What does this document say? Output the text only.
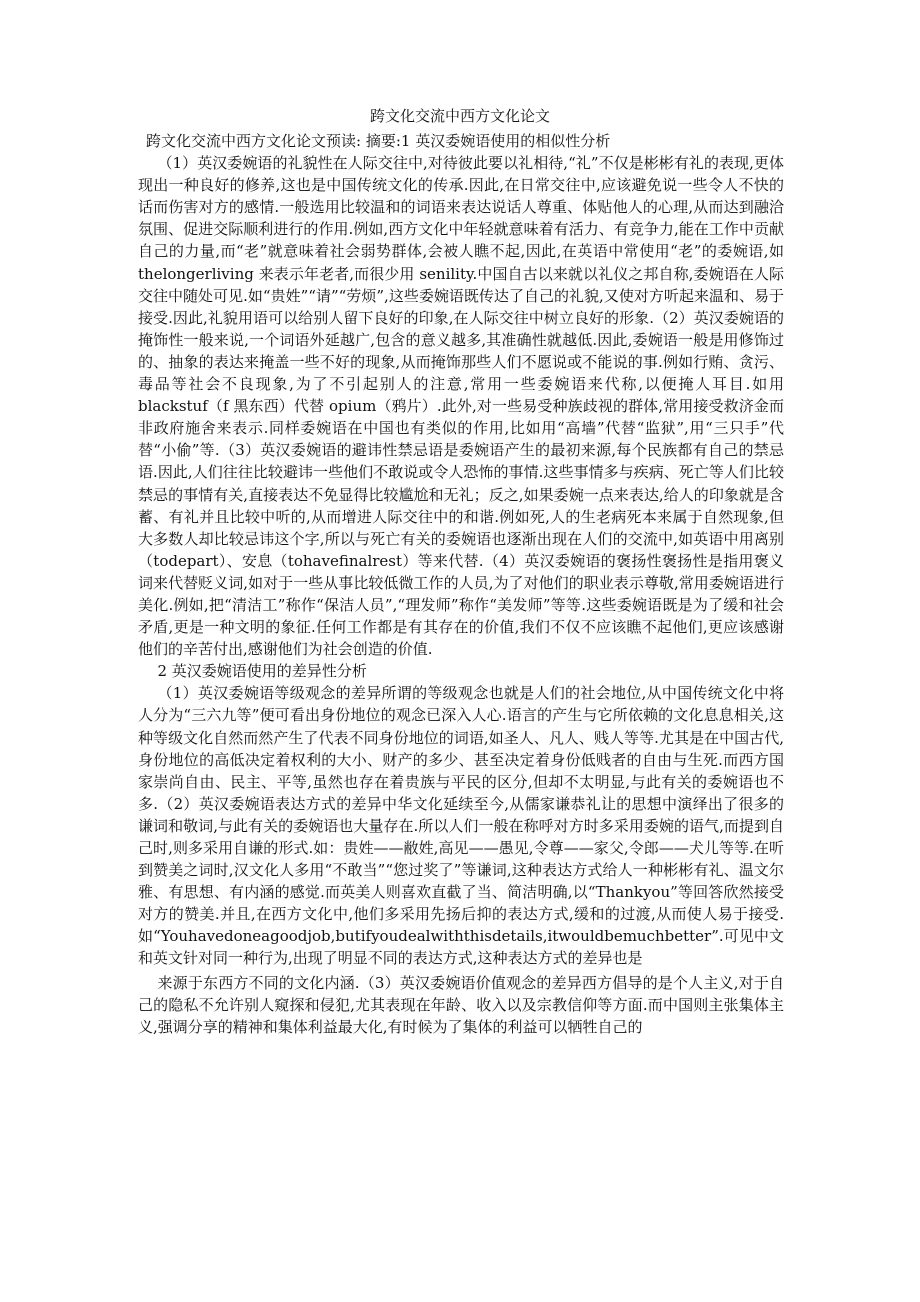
跨文化交流中西方文化论文

跨文化交流中西方文化论文预读: 摘要:1 英汉委婉语使用的相似性分析

（1）英汉委婉语的礼貌性在人际交往中,对待彼此要以礼相待,“礼”不仅是彬彬有礼的表现,更体现出一种良好的修养,这也是中国传统文化的传承.因此,在日常交往中,应该避免说一些令人不快的话而伤害对方的感情.一般选用比较温和的词语来表达说话人尊重、体贴他人的心理,从而达到融洽氛围、促进交际顺利进行的作用.例如,西方文化中年轻就意味着有活力、有竞争力,能在工作中贡献自己的力量,而“老”就意味着社会弱势群体,会被人瞧不起,因此,在英语中常使用“老”的委婉语,如 thelongerliving 来表示年老者,而很少用 senility.中国自古以来就以礼仪之邦自称,委婉语在人际交往中随处可见.如“贵姓”“请”“劳烦”,这些委婉语既传达了自己的礼貌,又使对方听起来温和、易于接受.因此,礼貌用语可以给别人留下良好的印象,在人际交往中树立良好的形象.（2）英汉委婉语的掩饰性一般来说,一个词语外延越广,包含的意义越多,其准确性就越低.因此,委婉语一般是用修饰过的、抽象的表达来掩盖一些不好的现象,从而掩饰那些人们不愿说或不能说的事.例如行贿、贪污、毒品等社会不良现象,为了不引起别人的注意,常用一些委婉语来代称,以便掩人耳目.如用 blackstuf（f 黑东西）代替 opium（鸦片）.此外,对一些易受种族歧视的群体,常用接受救济金而非政府施舍来表示.同样委婉语在中国也有类似的作用,比如用“高墙”代替“监狱”,用“三只手”代替“小偷”等.（3）英汉委婉语的避讳性禁忌语是委婉语产生的最初来源,每个民族都有自己的禁忌语.因此,人们往往比较避讳一些他们不敢说或令人恐怖的事情.这些事情多与疾病、死亡等人们比较禁忌的事情有关,直接表达不免显得比较尴尬和无礼；反之,如果委婉一点来表达,给人的印象就是含蓄、有礼并且比较中听的,从而增进人际交往中的和谐.例如死,人的生老病死本来属于自然现象,但大多数人却比较忌讳这个字,所以与死亡有关的委婉语也逐渐出现在人们的交流中,如英语中用离别（todepart）、安息（tohavefinalrest）等来代替.（4）英汉委婉语的褒扬性褒扬性是指用褒义词来代替贬义词,如对于一些从事比较低微工作的人员,为了对他们的职业表示尊敬,常用委婉语进行美化.例如,把“清洁工”称作“保洁人员”,“理发师”称作“美发师”等等.这些委婉语既是为了缓和社会矛盾,更是一种文明的象征.任何工作都是有其存在的价值,我们不仅不应该瞧不起他们,更应该感谢他们的辛苦付出,感谢他们为社会创造的价值.

2 英汉委婉语使用的差异性分析

（1）英汉委婉语等级观念的差异所谓的等级观念也就是人们的社会地位,从中国传统文化中将人分为“三六九等”便可看出身份地位的观念已深入人心.语言的产生与它所依赖的文化息息相关,这种等级文化自然而然产生了代表不同身份地位的词语,如圣人、凡人、贱人等等.尤其是在中国古代,身份地位的高低决定着权利的大小、财产的多少、甚至决定着身份低贱者的自由与生死.而西方国家崇尚自由、民主、平等,虽然也存在着贵族与平民的区分,但却不太明显,与此有关的委婉语也不多.（2）英汉委婉语表达方式的差异中华文化延续至今,从儒家谦恭礼让的思想中演绎出了很多的谦词和敬词,与此有关的委婉语也大量存在.所以人们一般在称呼对方时多采用委婉的语气,而提到自己时,则多采用自谦的形式.如：贵姓——敝姓,高见——愚见,令尊——家父,令郎——犬儿等等.在听到赞美之词时,汉文化人多用“不敢当”“您过奖了”等谦词,这种表达方式给人一种彬彬有礼、温文尔雅、有思想、有内涵的感觉.而英美人则喜欢直截了当、简洁明确,以“Thankyou”等回答欣然接受对方的赞美.并且,在西方文化中,他们多采用先扬后抑的表达方式,缓和的过渡,从而使人易于接受.如“Youhavedoneagoodjob,butifyoudealwiththisdetails,itwouldbemuchbetter”.可见中文和英文针对同一种行为,出现了明显不同的表达方式,这种表达方式的差异也是

来源于东西方不同的文化内涵.（3）英汉委婉语价值观念的差异西方倡导的是个人主义,对于自己的隐私不允许别人窥探和侵犯,尤其表现在年龄、收入以及宗教信仰等方面.而中国则主张集体主义,强调分享的精神和集体利益最大化,有时候为了集体的利益可以牺牲自己的
